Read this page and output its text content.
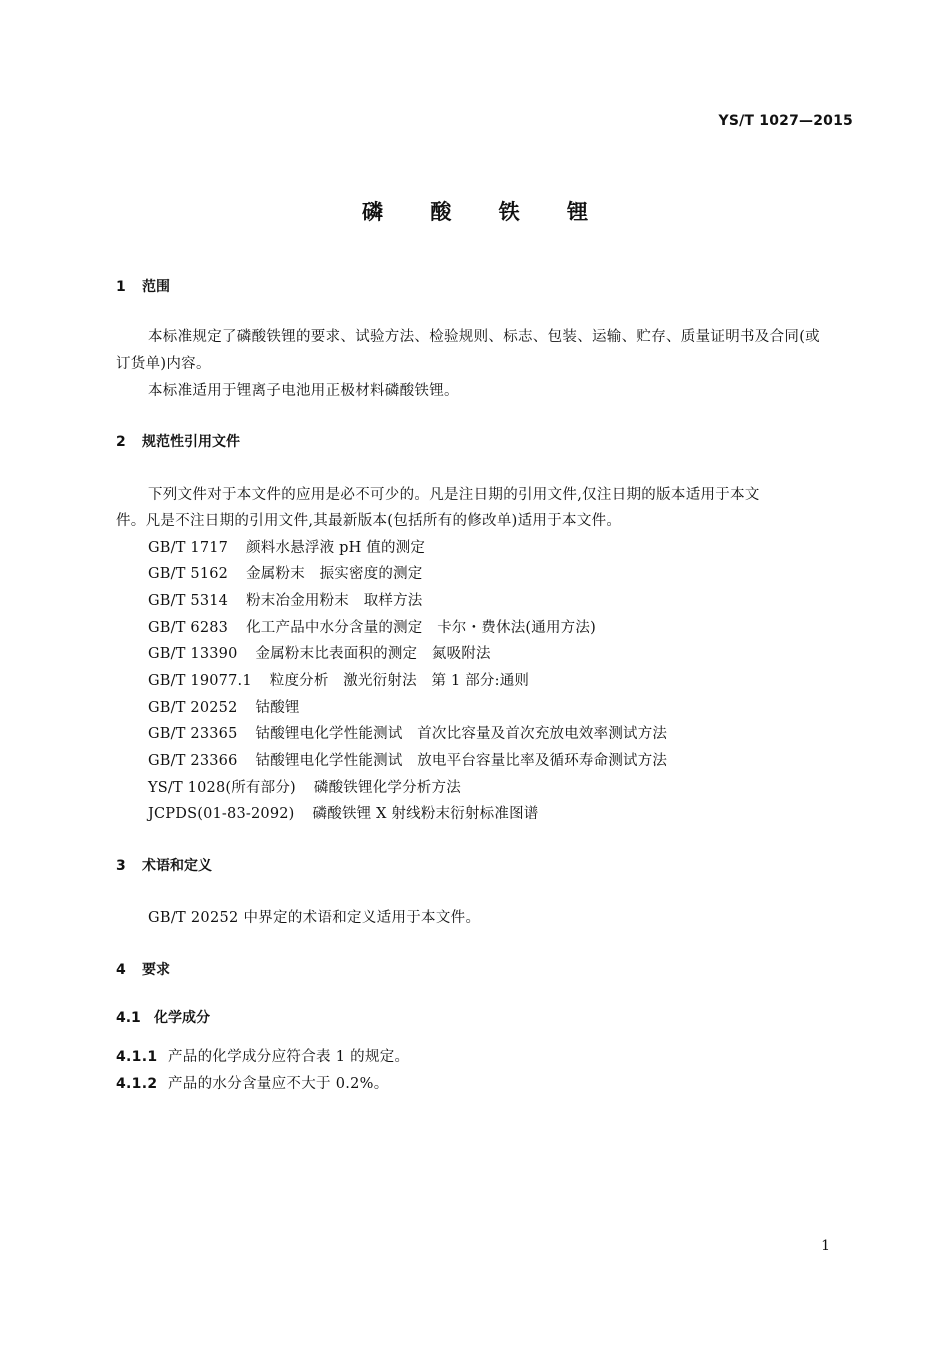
YS/T 1027—2015
磷 酸 铁 锂
1 范围
本标准规定了磷酸铁锂的要求、试验方法、检验规则、标志、包装、运输、贮存、质量证明书及合同(或
订货单)内容。
本标准适用于锂离子电池用正极材料磷酸铁锂。
2 规范性引用文件
下列文件对于本文件的应用是必不可少的。凡是注日期的引用文件,仅注日期的版本适用于本文
件。凡是不注日期的引用文件,其最新版本(包括所有的修改单)适用于本文件。
GB/T 1717 颜料水悬浮液 pH 值的测定
GB/T 5162 金属粉末　振实密度的测定
GB/T 5314 粉末冶金用粉末　取样方法
GB/T 6283 化工产品中水分含量的测定　卡尔・费休法(通用方法)
GB/T 13390 金属粉末比表面积的测定　氮吸附法
GB/T 19077.1 粒度分析　激光衍射法　第 1 部分:通则
GB/T 20252 钴酸锂
GB/T 23365 钴酸锂电化学性能测试　首次比容量及首次充放电效率测试方法
GB/T 23366 钴酸锂电化学性能测试　放电平台容量比率及循环寿命测试方法
YS/T 1028(所有部分) 磷酸铁锂化学分析方法
JCPDS(01-83-2092) 磷酸铁锂 X 射线粉末衍射标准图谱
3 术语和定义
GB/T 20252 中界定的术语和定义适用于本文件。
4 要求
4.1 化学成分
4.1.1 产品的化学成分应符合表 1 的规定。
4.1.2 产品的水分含量应不大于 0.2%。
1
